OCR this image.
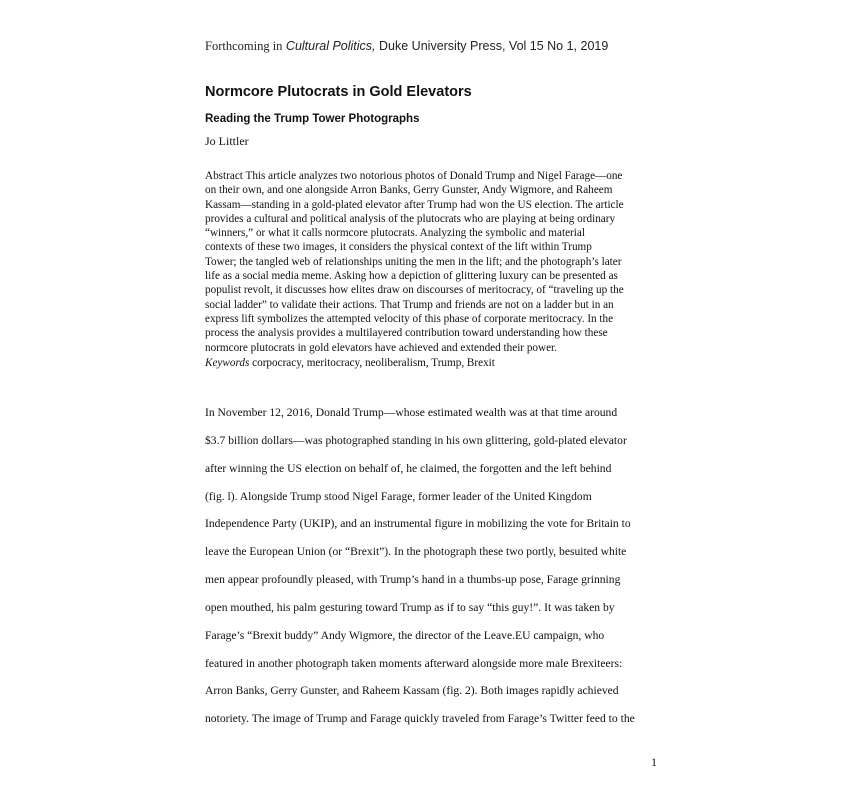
Forthcoming in Cultural Politics, Duke University Press, Vol 15 No 1, 2019
Normcore Plutocrats in Gold Elevators
Reading the Trump Tower Photographs
Jo Littler
Abstract This article analyzes two notorious photos of Donald Trump and Nigel Farage—one
on their own, and one alongside Arron Banks, Gerry Gunster, Andy Wigmore, and Raheem
Kassam—standing in a gold-plated elevator after Trump had won the US election. The article
provides a cultural and political analysis of the plutocrats who are playing at being ordinary
“winners,” or what it calls normcore plutocrats. Analyzing the symbolic and material
contexts of these two images, it considers the physical context of the lift within Trump
Tower; the tangled web of relationships uniting the men in the lift; and the photograph’s later
life as a social media meme. Asking how a depiction of glittering luxury can be presented as
populist revolt, it discusses how elites draw on discourses of meritocracy, of “traveling up the
social ladder” to validate their actions. That Trump and friends are not on a ladder but in an
express lift symbolizes the attempted velocity of this phase of corporate meritocracy. In the
process the analysis provides a multilayered contribution toward understanding how these
normcore plutocrats in gold elevators have achieved and extended their power.
Keywords corpocracy, meritocracy, neoliberalism, Trump, Brexit
In November 12, 2016, Donald Trump—whose estimated wealth was at that time around
$3.7 billion dollars—was photographed standing in his own glittering, gold-plated elevator
after winning the US election on behalf of, he claimed, the forgotten and the left behind
(fig. l). Alongside Trump stood Nigel Farage, former leader of the United Kingdom
Independence Party (UKIP), and an instrumental figure in mobilizing the vote for Britain to
leave the European Union (or “Brexit”). In the photograph these two portly, besuited white
men appear profoundly pleased, with Trump’s hand in a thumbs-up pose, Farage grinning
open mouthed, his palm gesturing toward Trump as if to say “this guy!”. It was taken by
Farage’s “Brexit buddy” Andy Wigmore, the director of the Leave.EU campaign, who
featured in another photograph taken moments afterward alongside more male Brexiteers:
Arron Banks, Gerry Gunster, and Raheem Kassam (fig. 2). Both images rapidly achieved
notoriety. The image of Trump and Farage quickly traveled from Farage’s Twitter feed to the
1
